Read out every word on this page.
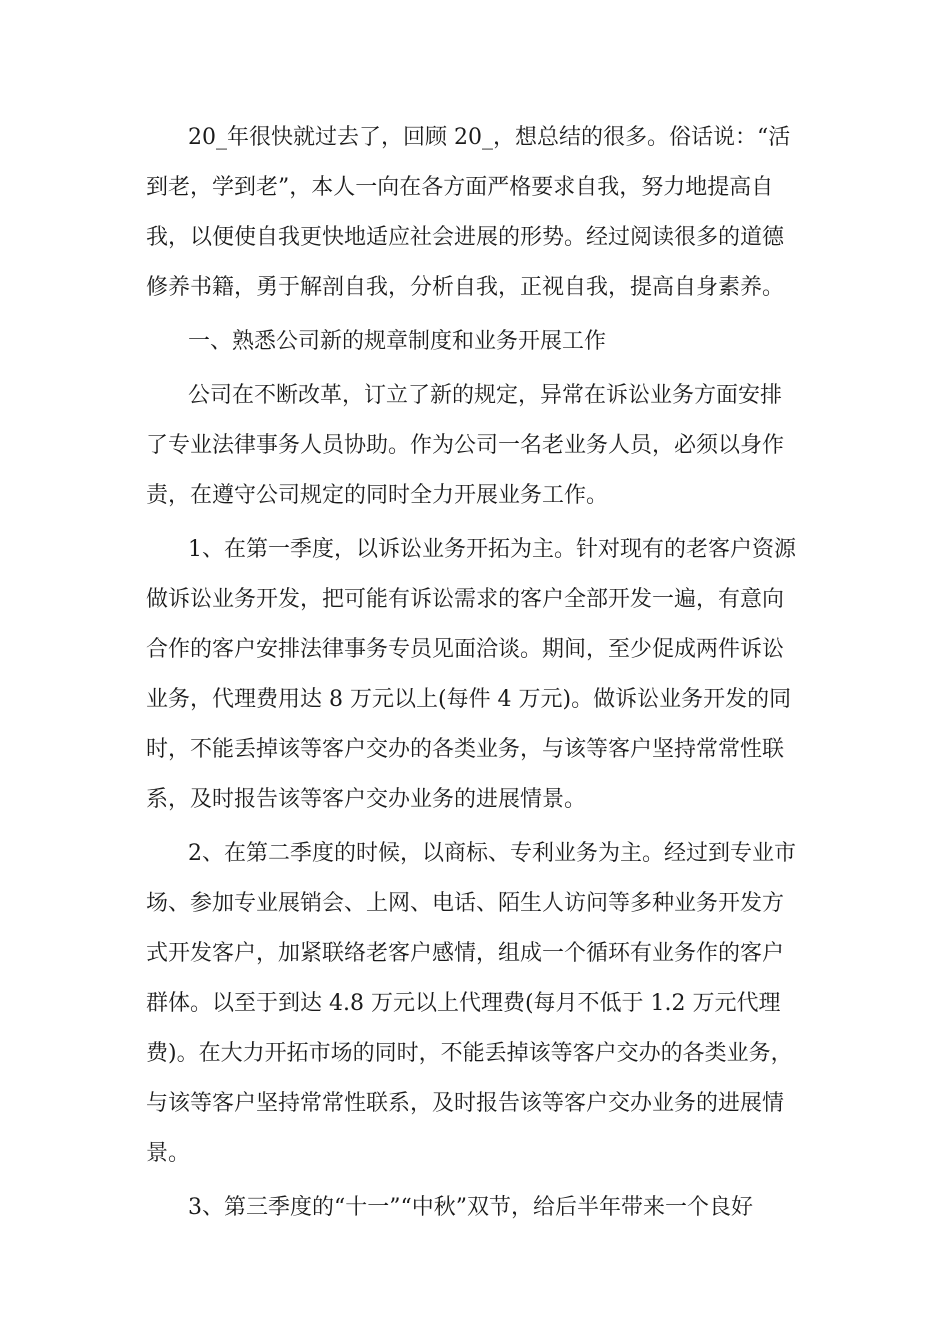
20_年很快就过去了，回顾 20_，想总结的很多。俗话说：“活
到老，学到老”，本人一向在各方面严格要求自我，努力地提高自
我，以便使自我更快地适应社会进展的形势。经过阅读很多的道德
修养书籍，勇于解剖自我，分析自我，正视自我，提高自身素养。
一、熟悉公司新的规章制度和业务开展工作
公司在不断改革，订立了新的规定，异常在诉讼业务方面安排
了专业法律事务人员协助。作为公司一名老业务人员，必须以身作
责，在遵守公司规定的同时全力开展业务工作。
1、在第一季度，以诉讼业务开拓为主。针对现有的老客户资源
做诉讼业务开发，把可能有诉讼需求的客户全部开发一遍，有意向
合作的客户安排法律事务专员见面洽谈。期间，至少促成两件诉讼
业务，代理费用达 8 万元以上(每件 4 万元)。做诉讼业务开发的同
时，不能丢掉该等客户交办的各类业务，与该等客户坚持常常性联
系，及时报告该等客户交办业务的进展情景。
2、在第二季度的时候，以商标、专利业务为主。经过到专业市
场、参加专业展销会、上网、电话、陌生人访问等多种业务开发方
式开发客户，加紧联络老客户感情，组成一个循环有业务作的客户
群体。以至于到达 4.8 万元以上代理费(每月不低于 1.2 万元代理
费)。在大力开拓市场的同时，不能丢掉该等客户交办的各类业务，
与该等客户坚持常常性联系，及时报告该等客户交办业务的进展情
景。
3、第三季度的“十一”“中秋”双节，给后半年带来一个良好
